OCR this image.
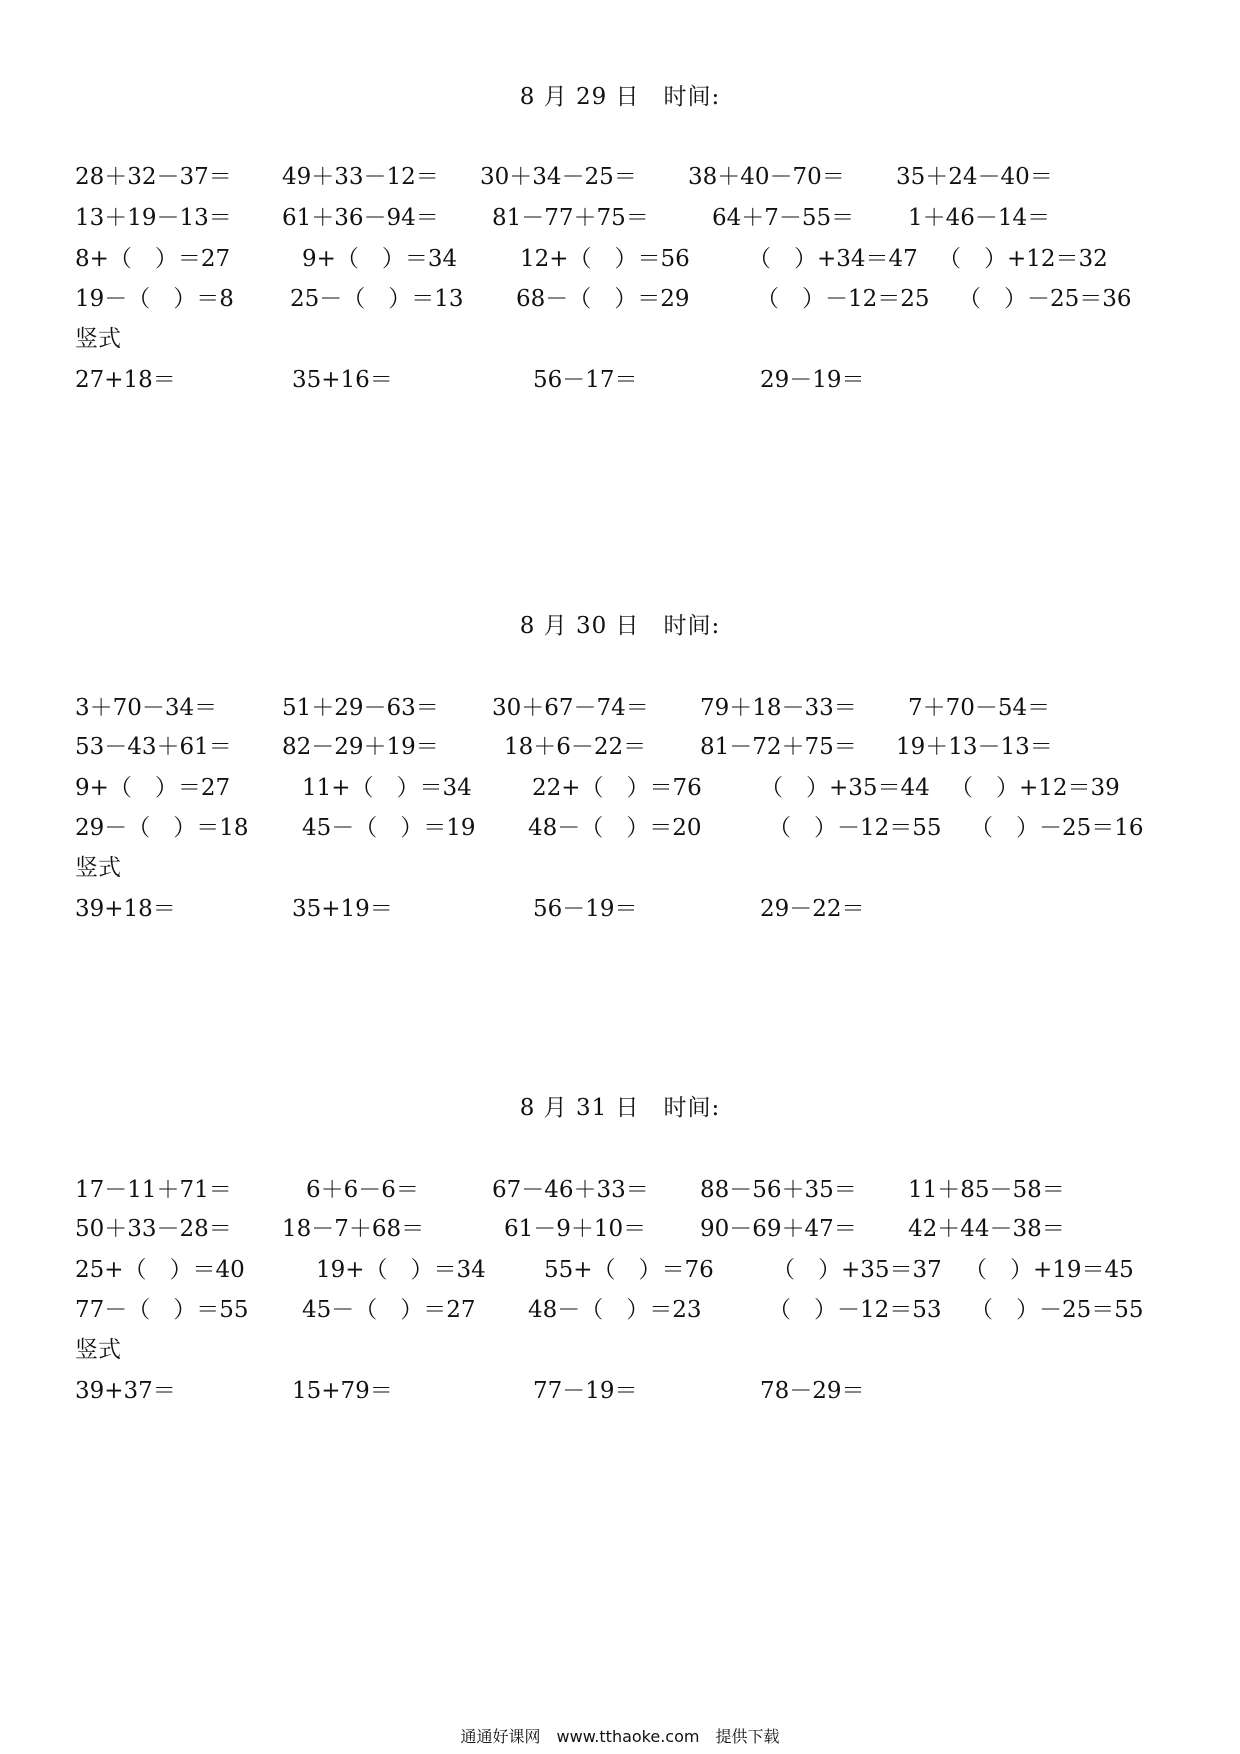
8 月 29 日　时间:
28＋32－37＝ 49＋33－12＝ 30＋34－25＝ 38＋40－70＝ 35＋24－40＝
13＋19－13＝ 61＋36－94＝ 81－77＋75＝	64＋7－55＝ 1＋46－14＝
8+（　）＝27	9+（　）＝34	12+（　）＝56	（　）+34＝47 （　）+12＝32
19－（　）＝8 25－（　）＝13 68－（　）＝29	（　）－12＝25 （　）－25＝36
竖式
27+18＝	35+16＝	56－17＝	29－19＝
8 月 30 日　时间:
3＋70－34＝	51＋29－63＝ 30＋67－74＝ 79＋18－33＝ 7＋70－54＝
53－43＋61＝ 82－29＋19＝	18＋6－22＝ 81－72＋75＝ 19＋13－13＝
9+（　）＝27	11+（　）＝34	22+（　）＝76	（　）+35＝44 （　）+12＝39
29－（　）＝18 45－（　）＝19 48－（　）＝20	（　）－12＝55 （　）－25＝16
竖式
39+18＝	35+19＝	56－19＝	29－22＝
8 月 31 日　时间:
17－11＋71＝	6＋6－6＝	67－46＋33＝ 88－56＋35＝ 11＋85－58＝
50＋33－28＝ 18－7＋68＝	61－9＋10＝ 90－69＋47＝ 42＋44－38＝
25+（　）＝40	19+（　）＝34	55+（　）＝76	（　）+35＝37 （　）+19＝45
77－（　）＝55 45－（　）＝27 48－（　）＝23	（　）－12＝53 （　）－25＝55
竖式
39+37＝	15+79＝	77－19＝	78－29＝
通通好课网　www.tthaoke.com　提供下载
